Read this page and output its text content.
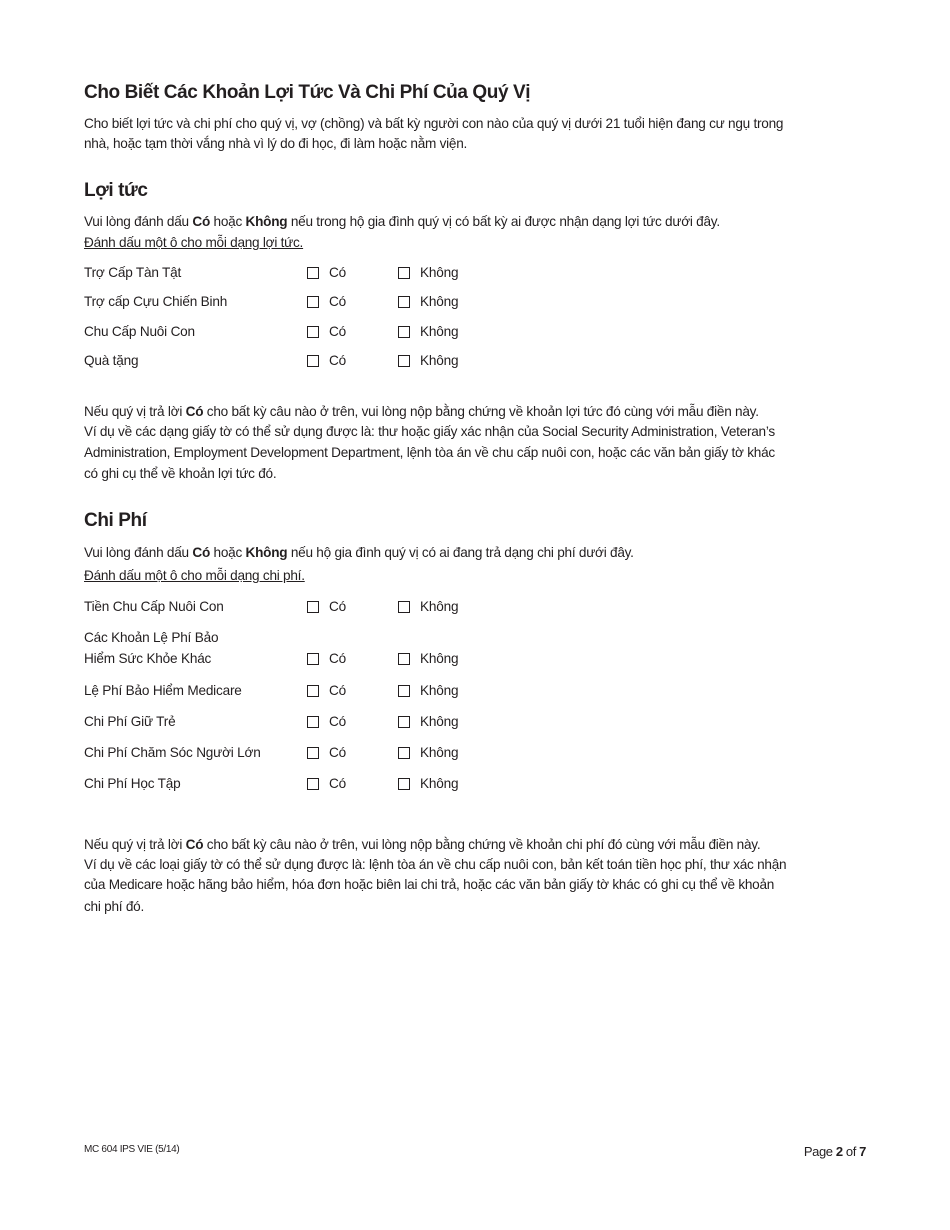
Cho Biết Các Khoản Lợi Tức Và Chi Phí Của Quý Vị
Cho biết lợi tức và chi phí cho quý vị, vợ (chồng) và bất kỳ người con nào của quý vị dưới 21 tuổi hiện đang cư ngụ trong
nhà, hoặc tạm thời vắng nhà vì lý do đi học, đi làm hoặc nằm viện.
Lợi tức
Vui lòng đánh dấu Có hoặc Không nếu trong hộ gia đình quý vị có bất kỳ ai được nhận dạng lợi tức dưới đây.
Đánh dấu một ô cho mỗi dạng lợi tức.
Trợ Cấp Tàn Tật	Có	Không
Trợ cấp Cựu Chiến Binh	Có	Không
Chu Cấp Nuôi Con	Có	Không
Quà tặng	Có	Không
Nếu quý vị trả lời Có cho bất kỳ câu nào ở trên, vui lòng nộp bằng chứng về khoản lợi tức đó cùng với mẫu điền này.
Ví dụ về các dạng giấy tờ có thể sử dụng được là: thư hoặc giấy xác nhận của Social Security Administration, Veteran’s
Administration, Employment Development Department, lệnh tòa án về chu cấp nuôi con, hoặc các văn bản giấy tờ khác
có ghi cụ thể về khoản lợi tức đó.
Chi Phí
Vui lòng đánh dấu Có hoặc Không nếu hộ gia đình quý vị có ai đang trả dạng chi phí dưới đây.
Đánh dấu một ô cho mỗi dạng chi phí.
Tiền Chu Cấp Nuôi Con	Có	Không
Các Khoản Lệ Phí Bảo
Hiểm Sức Khỏe Khác	Có	Không
Lệ Phí Bảo Hiểm Medicare	Có	Không
Chi Phí Giữ Trẻ	Có	Không
Chi Phí Chăm Sóc Người Lớn	Có	Không
Chi Phí Học Tập	Có	Không
Nếu quý vị trả lời Có cho bất kỳ câu nào ở trên, vui lòng nộp bằng chứng về khoản chi phí đó cùng với mẫu điền này.
Ví dụ về các loại giấy tờ có thể sử dụng được là: lệnh tòa án về chu cấp nuôi con, bản kết toán tiền học phí, thư xác nhận
của Medicare hoặc hãng bảo hiểm, hóa đơn hoặc biên lai chi trả, hoặc các văn bản giấy tờ khác có ghi cụ thể về khoản
chi phí đó.
MC 604 IPS VIE (5/14)	Page 2 of 7
